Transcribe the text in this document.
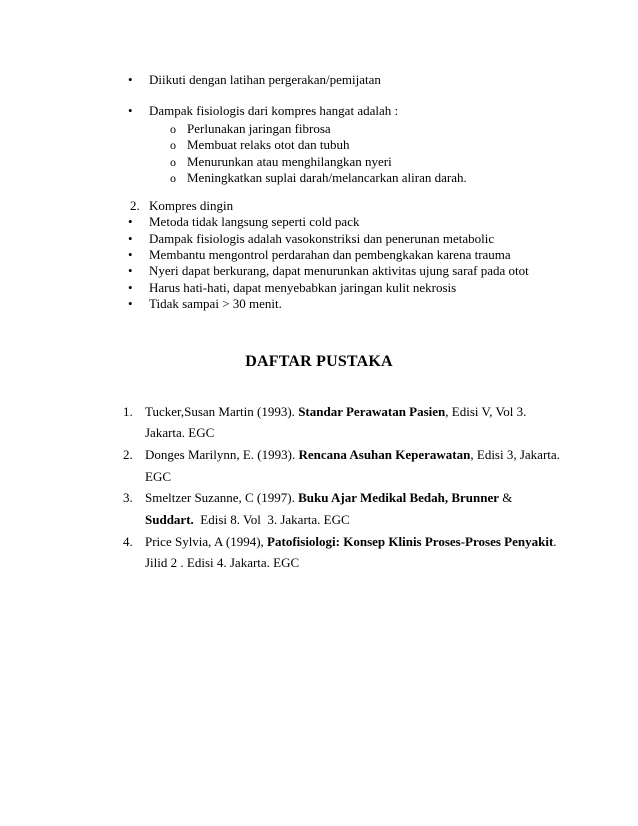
• Diikuti dengan latihan pergerakan/pemijatan
• Dampak fisiologis dari kompres hangat adalah :
o Perlunakan jaringan fibrosa
o Membuat relaks otot dan tubuh
o Menurunkan atau menghilangkan nyeri
o Meningkatkan suplai darah/melancarkan aliran darah.
2. Kompres dingin
• Metoda tidak langsung seperti cold pack
• Dampak fisiologis adalah vasokonstriksi dan penerunan metabolic
• Membantu mengontrol perdarahan dan pembengkakan karena trauma
• Nyeri dapat berkurang, dapat menurunkan aktivitas ujung saraf pada otot
• Harus hati-hati, dapat menyebabkan jaringan kulit nekrosis
• Tidak sampai > 30 menit.
DAFTAR PUSTAKA
1. Tucker,Susan Martin (1993). Standar Perawatan Pasien, Edisi V, Vol 3.
Jakarta. EGC
2. Donges Marilynn, E. (1993). Rencana Asuhan Keperawatan, Edisi 3, Jakarta.
EGC
3. Smeltzer Suzanne, C (1997). Buku Ajar Medikal Bedah, Brunner &
Suddart.  Edisi 8. Vol  3. Jakarta. EGC
4. Price Sylvia, A (1994), Patofisiologi: Konsep Klinis Proses-Proses Penyakit.
Jilid 2 . Edisi 4. Jakarta. EGC
